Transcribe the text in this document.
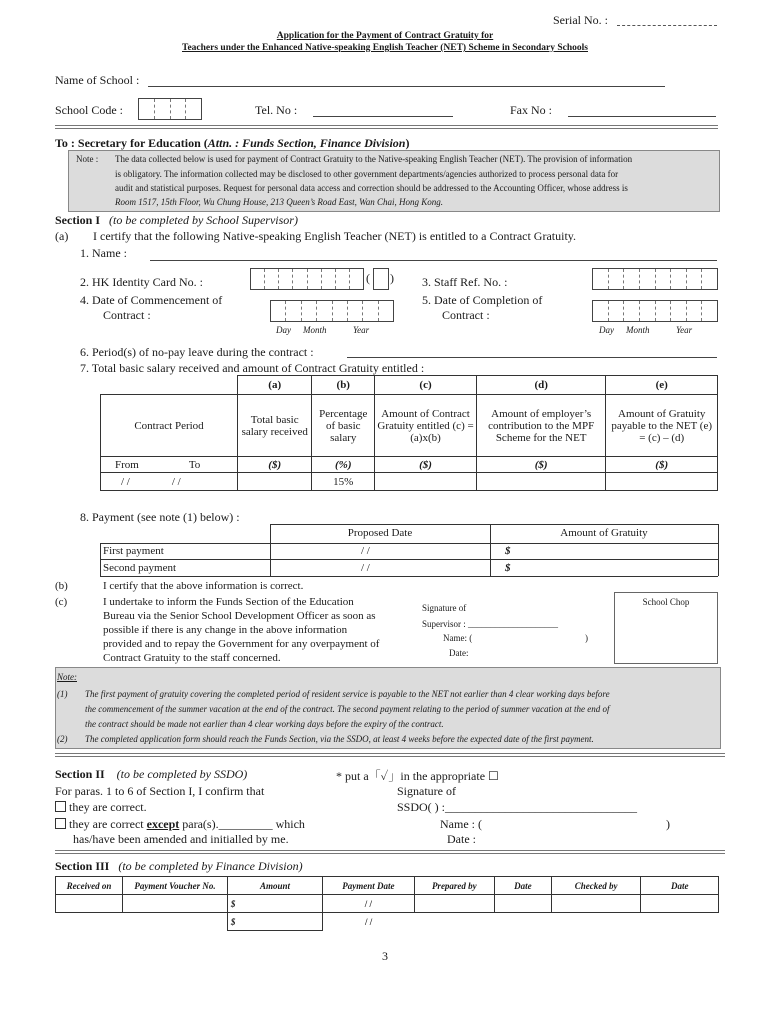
Serial No. :
Application for the Payment of Contract Gratuity for
Teachers under the Enhanced Native-speaking English Teacher (NET) Scheme in Secondary Schools
Name of School :
School Code :	Tel. No :	Fax No :
To : Secretary for Education (Attn. : Funds Section, Finance Division)
Note : The data collected below is used for payment of Contract Gratuity to the Native-speaking English Teacher (NET). The provision of information
is obligatory. The information collected may be disclosed to other government departments/agencies authorized to process personal data for
audit and statistical purposes. Request for personal data access and correction should be addressed to the Accounting Officer, whose address is
Room 1517, 15th Floor, Wu Chung House, 213 Queen’s Road East, Wan Chai, Hong Kong.
Section I (to be completed by School Supervisor)
(a) I certify that the following Native-speaking English Teacher (NET) is entitled to a Contract Gratuity.
1. Name :
2. HK Identity Card No. :	( ) 3. Staff Ref. No. :
4. Date of Commencement of
Contract :
Day Month	Year
5. Date of Completion of
Contract :
Day Month	Year
6. Period(s) of no-pay leave during the contract :
7. Total basic salary received and amount of Contract Gratuity entitled :
	(a)	(b)	(c)	(d)	(e)
Contract Period	Total basic salary received	Percentage of basic salary	Amount of Contract Gratuity entitled (c) = (a)x(b)	Amount of employer’s contribution to the MPF Scheme for the NET	Amount of Gratuity payable to the NET (e) = (c) – (d)
From To	($)	(%)	($)	($)	($)
/ / / /		15%			
8. Payment (see note (1) below) :
Proposed Date	Amount of Gratuity
First payment	/ /	$
Second payment	/ /	$
(b)	I certify that the above information is correct.
(c)	I undertake to inform the Funds Section of the Education
Bureau via the Senior School Development Officer as soon as
possible if there is any change in the above information
provided and to repay the Government for any overpayment of
Contract Gratuity to the staff concerned.
Signature of
Supervisor : ____________________
Name: (	)
Date:
School Chop
Note:
(1) The first payment of gratuity covering the completed period of resident service is payable to the NET not earlier than 4 clear working days before
the commencement of the summer vacation at the end of the contract. The second payment relating to the period of summer vacation at the end of
the contract should be made not earlier than 4 clear working days before the expiry of the contract.
(2) The completed application form should reach the Funds Section, via the SSDO, at least 4 weeks before the expected date of the first payment.
Section II (to be completed by SSDO)	* put a「✓」in the appropriate ☐
For paras. 1 to 6 of Section I, I confirm that
they are correct.
they are correct except para(s)._________ which
has/have been amended and initialled by me.
Signature of
SSDO( ) :________________________________
Name : (	)
Date :
Section III (to be completed by Finance Division)
Received on	Payment Voucher No.	Amount	Payment Date	Prepared by	Date	Checked by	Date
		$	/ /				
		$	/ /				
3
